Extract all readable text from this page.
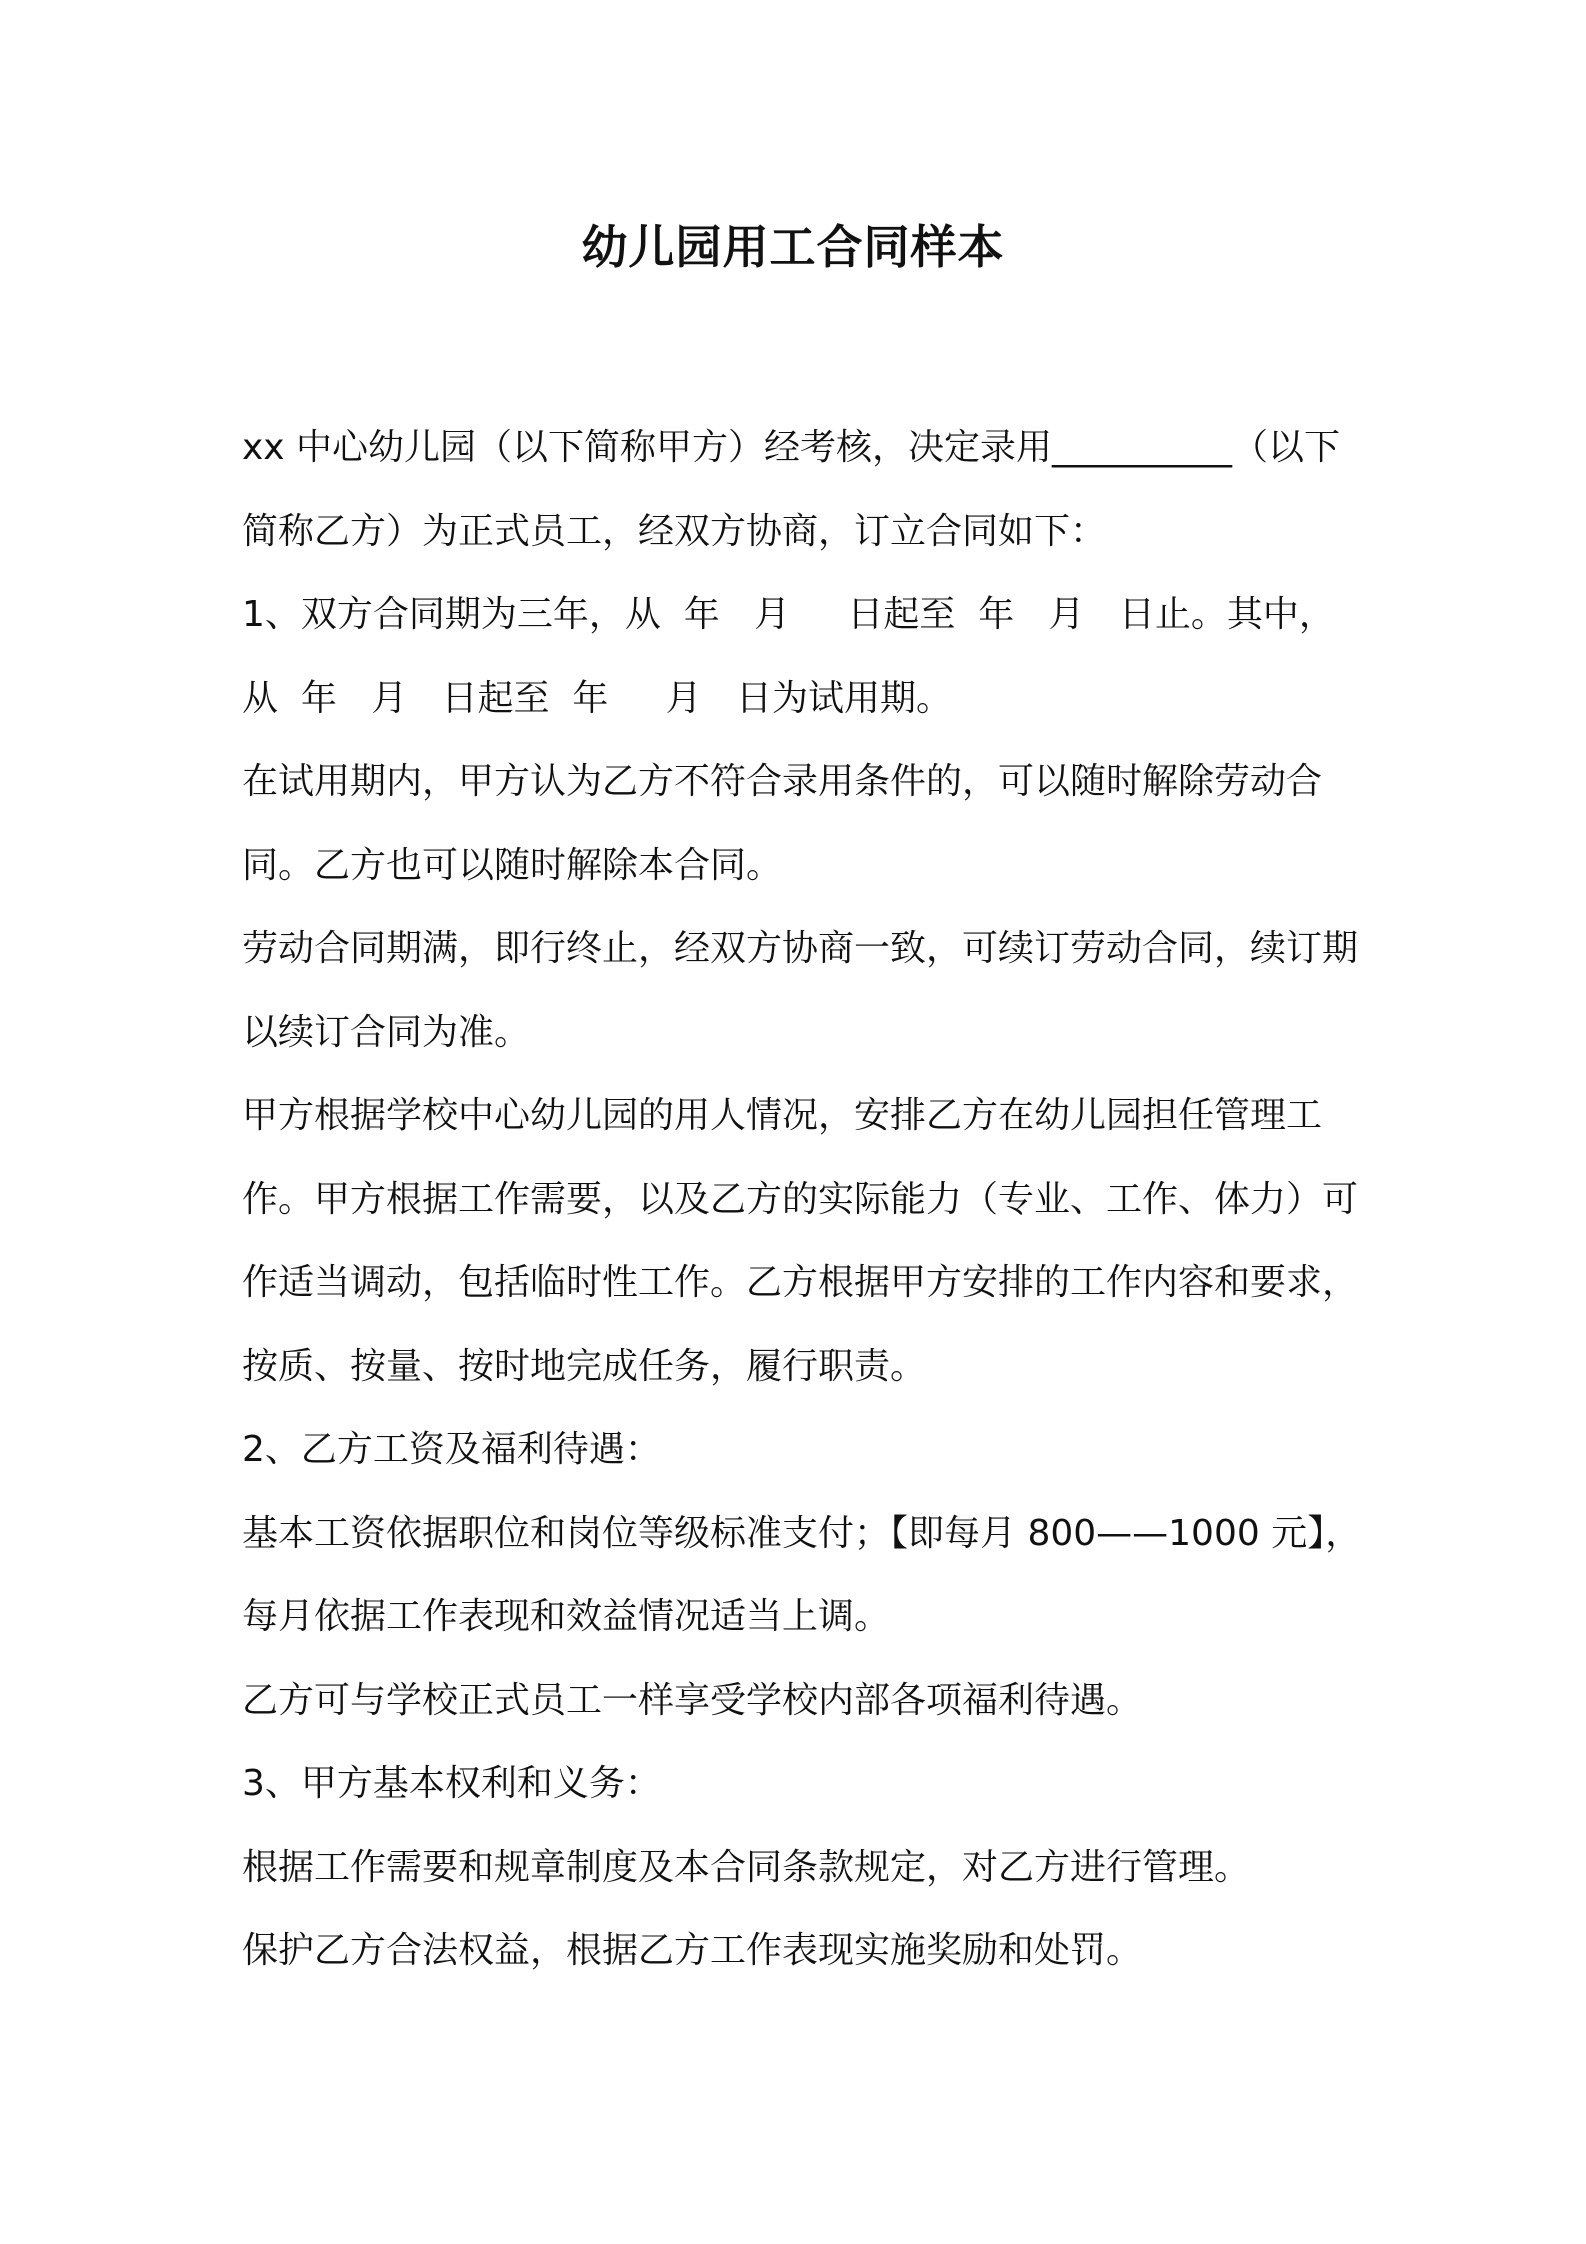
幼儿园用工合同样本

xx 中心幼儿园（以下简称甲方）经考核，决定录用__________（以下简称乙方）为正式员工，经双方协商，订立合同如下：

1、双方合同期为三年，从  年   月     日起至  年   月   日止。其中，从  年   月   日起至  年     月   日为试用期。

在试用期内，甲方认为乙方不符合录用条件的，可以随时解除劳动合同。乙方也可以随时解除本合同。

劳动合同期满，即行终止，经双方协商一致，可续订劳动合同，续订期以续订合同为准。

甲方根据学校中心幼儿园的用人情况，安排乙方在幼儿园担任管理工作。甲方根据工作需要，以及乙方的实际能力（专业、工作、体力）可作适当调动，包括临时性工作。乙方根据甲方安排的工作内容和要求，按质、按量、按时地完成任务，履行职责。

2、乙方工资及福利待遇：

基本工资依据职位和岗位等级标准支付；【即每月 800——1000 元】，每月依据工作表现和效益情况适当上调。

乙方可与学校正式员工一样享受学校内部各项福利待遇。

3、甲方基本权利和义务：

根据工作需要和规章制度及本合同条款规定，对乙方进行管理。

保护乙方合法权益，根据乙方工作表现实施奖励和处罚。
